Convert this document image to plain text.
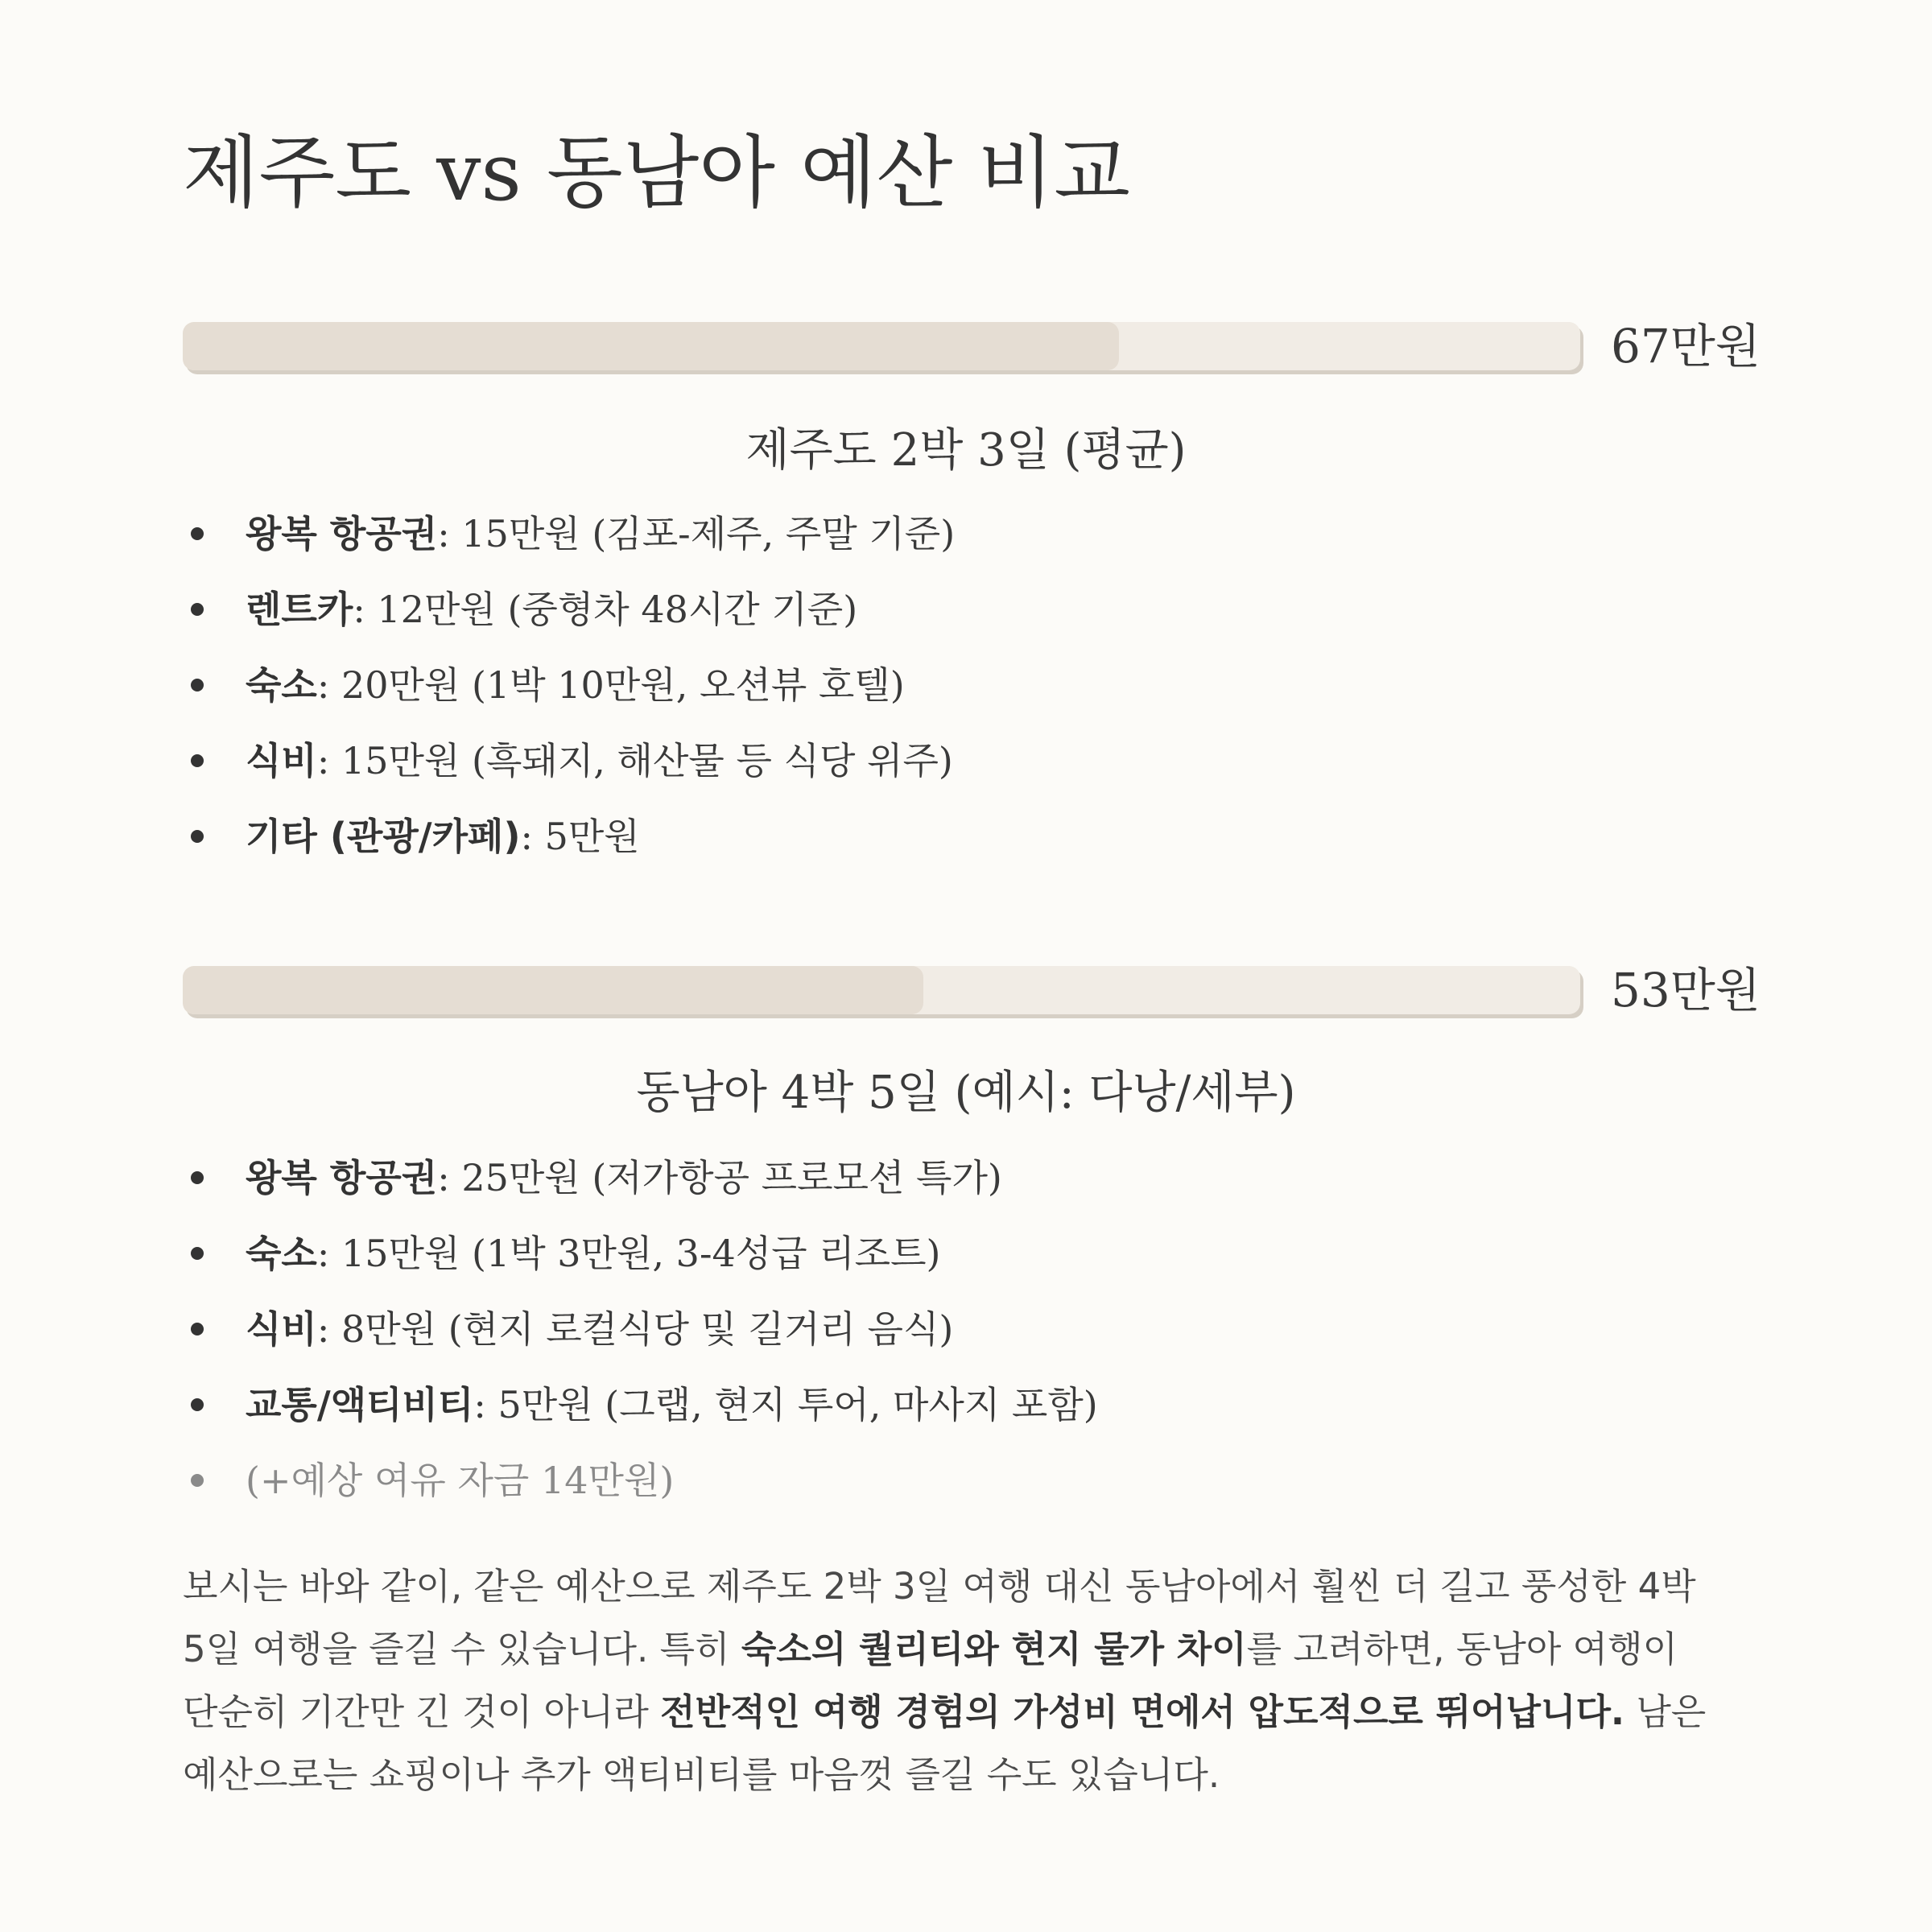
제주도 vs 동남아 예산 비교
67만원
제주도 2박 3일 (평균)
왕복 항공권: 15만원 (김포-제주, 주말 기준)
렌트카: 12만원 (중형차 48시간 기준)
숙소: 20만원 (1박 10만원, 오션뷰 호텔)
식비: 15만원 (흑돼지, 해산물 등 식당 위주)
기타 (관광/카페): 5만원
53만원
동남아 4박 5일 (예시: 다낭/세부)
왕복 항공권: 25만원 (저가항공 프로모션 특가)
숙소: 15만원 (1박 3만원, 3-4성급 리조트)
식비: 8만원 (현지 로컬식당 및 길거리 음식)
교통/액티비티: 5만원 (그랩, 현지 투어, 마사지 포함)
(+예상 여유 자금 14만원)

보시는 바와 같이, 같은 예산으로 제주도 2박 3일 여행 대신 동남아에서 훨씬 더 길고 풍성한 4박 5일 여행을 즐길 수 있습니다. 특히 숙소의 퀄리티와 현지 물가 차이를 고려하면, 동남아 여행이 단순히 기간만 긴 것이 아니라 전반적인 여행 경험의 가성비 면에서 압도적으로 뛰어납니다. 남은 예산으로는 쇼핑이나 추가 액티비티를 마음껏 즐길 수도 있습니다.
